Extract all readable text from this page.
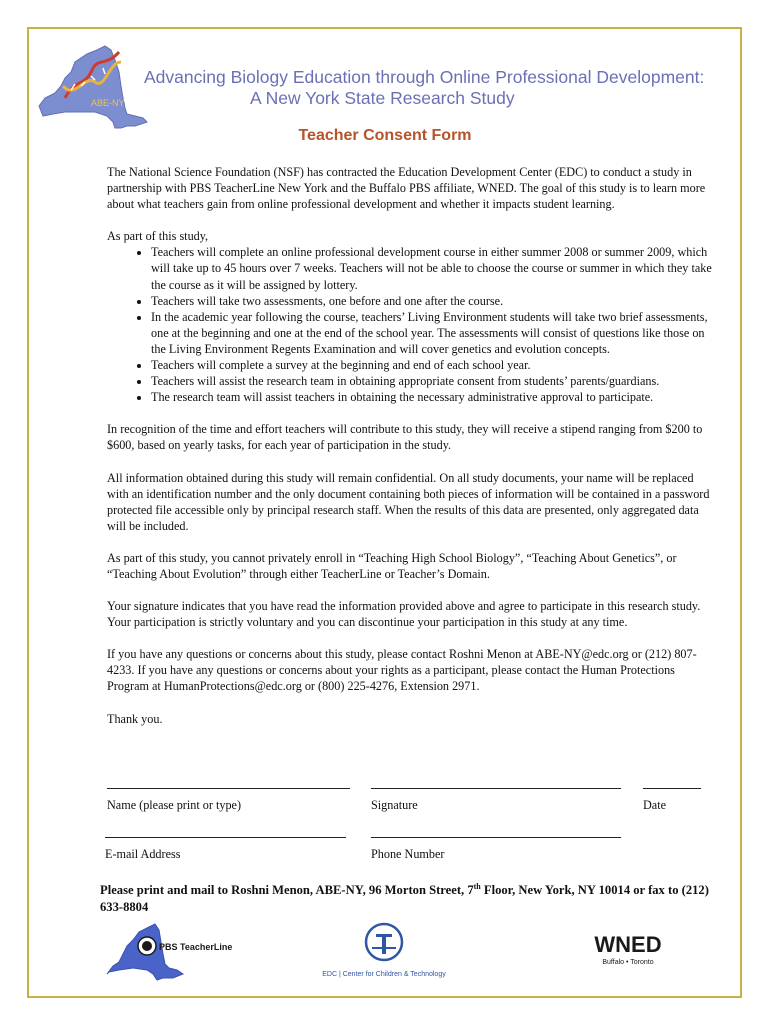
ABE-NY
Advancing Biology Education through Online Professional Development:
A New York State Research Study
Teacher Consent Form

The National Science Foundation (NSF) has contracted the Education Development Center (EDC) to conduct a study in partnership with PBS TeacherLine New York and the Buffalo PBS affiliate, WNED. The goal of this study is to learn more about what teachers gain from online professional development and whether it impacts student learning.

As part of this study,
• Teachers will complete an online professional development course in either summer 2008 or summer 2009, which will take up to 45 hours over 7 weeks. Teachers will not be able to choose the course or summer in which they take the course as it will be assigned by lottery.
• Teachers will take two assessments, one before and one after the course.
• In the academic year following the course, teachers’ Living Environment students will take two brief assessments, one at the beginning and one at the end of the school year. The assessments will consist of questions like those on the Living Environment Regents Examination and will cover genetics and evolution concepts.
• Teachers will complete a survey at the beginning and end of each school year.
• Teachers will assist the research team in obtaining appropriate consent from students’ parents/guardians.
• The research team will assist teachers in obtaining the necessary administrative approval to participate.

In recognition of the time and effort teachers will contribute to this study, they will receive a stipend ranging from $200 to $600, based on yearly tasks, for each year of participation in the study.

All information obtained during this study will remain confidential. On all study documents, your name will be replaced with an identification number and the only document containing both pieces of information will be contained in a password protected file accessible only by principal research staff. When the results of this data are presented, only aggregated data will be included.

As part of this study, you cannot privately enroll in “Teaching High School Biology”, “Teaching About Genetics”, or “Teaching About Evolution” through either TeacherLine or Teacher’s Domain.

Your signature indicates that you have read the information provided above and agree to participate in this research study. Your participation is strictly voluntary and you can discontinue your participation in this study at any time.

If you have any questions or concerns about this study, please contact Roshni Menon at ABE-NY@edc.org or (212) 807-4233. If you have any questions or concerns about your rights as a participant, please contact the Human Protections Program at HumanProtections@edc.org or (800) 225-4276, Extension 2971.

Thank you.

Name (please print or type)	Signature	Date
E-mail Address	Phone Number
Please print and mail to Roshni Menon, ABE-NY, 96 Morton Street, 7th Floor, New York, NY 10014 or fax to (212) 633-8804
PBS TeacherLine
EDC | Center for Children & Technology
WNED
Buffalo • Toronto
